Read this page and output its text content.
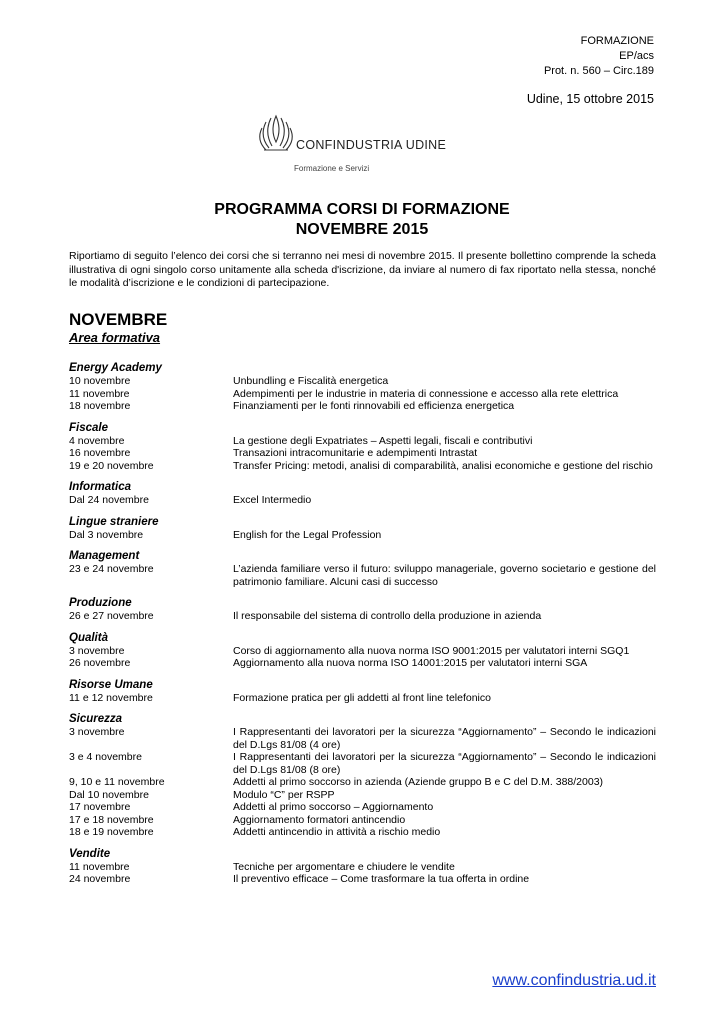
FORMAZIONE
EP/acs
Prot. n. 560 – Circ.189
Udine, 15 ottobre 2015
CONFINDUSTRIA UDINE
Formazione e Servizi
PROGRAMMA CORSI DI FORMAZIONE
NOVEMBRE 2015
Riportiamo di seguito l’elenco dei corsi che si terranno nei mesi di novembre 2015. Il presente bollettino comprende la scheda illustrativa di ogni singolo corso unitamente alla scheda d'iscrizione, da inviare al numero di fax riportato nella stessa, nonché le modalità d’iscrizione e le condizioni di partecipazione.
NOVEMBRE
Area formativa
Energy Academy
10 novembre	Unbundling e Fiscalità energetica
11 novembre	Adempimenti per le industrie in materia di connessione e accesso alla rete elettrica
18 novembre	Finanziamenti per le fonti rinnovabili ed efficienza energetica
Fiscale
4 novembre	La gestione degli Expatriates – Aspetti legali, fiscali e contributivi
16 novembre	Transazioni intracomunitarie e adempimenti Intrastat
19 e 20 novembre	Transfer Pricing: metodi, analisi di comparabilità, analisi economiche e gestione del rischio
Informatica
Dal 24 novembre	Excel Intermedio
Lingue straniere
Dal 3 novembre	English for the Legal Profession
Management
23 e 24 novembre	L’azienda familiare verso il futuro: sviluppo manageriale, governo societario e gestione del patrimonio familiare. Alcuni casi di successo
Produzione
26 e 27 novembre	Il responsabile del sistema di controllo della produzione in azienda
Qualità
3 novembre	Corso di aggiornamento alla nuova norma ISO 9001:2015 per valutatori interni SGQ1
26 novembre	Aggiornamento alla nuova norma ISO 14001:2015 per valutatori interni SGA
Risorse Umane
11 e 12 novembre	Formazione pratica per gli addetti al front line telefonico
Sicurezza
3 novembre	I Rappresentanti dei lavoratori per la sicurezza “Aggiornamento” – Secondo le indicazioni del D.Lgs 81/08 (4 ore)
3 e 4 novembre	I Rappresentanti dei lavoratori per la sicurezza “Aggiornamento” – Secondo le indicazioni del D.Lgs 81/08 (8 ore)
9, 10 e 11 novembre	Addetti al primo soccorso in azienda (Aziende gruppo B e C del D.M. 388/2003)
Dal 10 novembre	Modulo “C” per RSPP
17 novembre	Addetti al primo soccorso – Aggiornamento
17 e 18 novembre	Aggiornamento formatori antincendio
18 e 19 novembre	Addetti antincendio in attività a rischio medio
Vendite
11 novembre	Tecniche per argomentare e chiudere le vendite
24 novembre	Il preventivo efficace – Come trasformare la tua offerta in ordine
www.confindustria.ud.it
